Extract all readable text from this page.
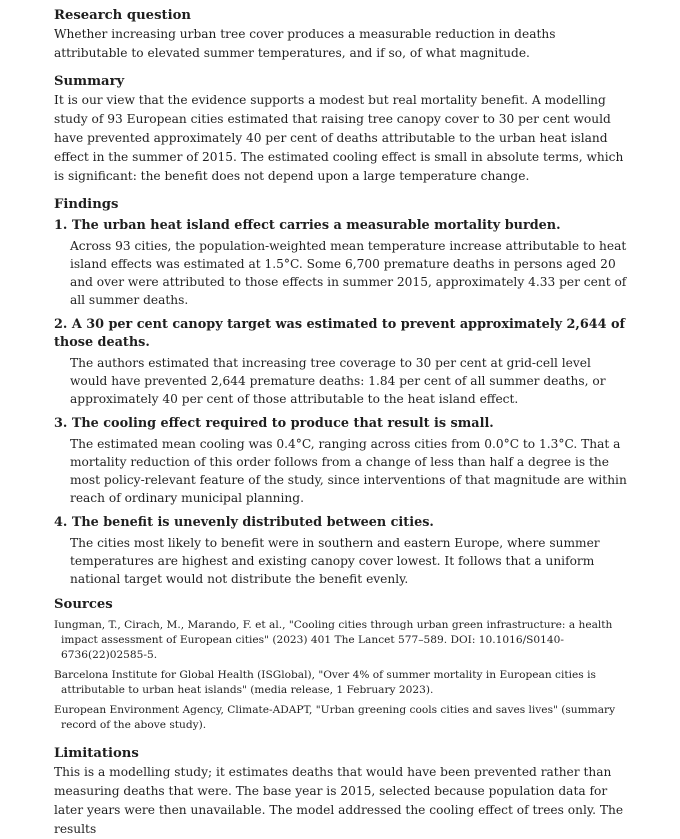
Research question

Whether increasing urban tree cover produces a measurable reduction in deaths attributable to elevated summer temperatures, and if so, of what magnitude.

Summary

It is our view that the evidence supports a modest but real mortality benefit. A modelling study of 93 European cities estimated that raising tree canopy cover to 30 per cent would have prevented approximately 40 per cent of deaths attributable to the urban heat island effect in the summer of 2015. The estimated cooling effect is small in absolute terms, which is significant: the benefit does not depend upon a large temperature change.

Findings
1. The urban heat island effect carries a measurable mortality burden.
Across 93 cities, the population-weighted mean temperature increase attributable to heat island effects was estimated at 1.5°C. Some 6,700 premature deaths in persons aged 20 and over were attributed to those effects in summer 2015, approximately 4.33 per cent of all summer deaths.
2. A 30 per cent canopy target was estimated to prevent approximately 2,644 of those deaths.
The authors estimated that increasing tree coverage to 30 per cent at grid-cell level would have prevented 2,644 premature deaths: 1.84 per cent of all summer deaths, or approximately 40 per cent of those attributable to the heat island effect.
3. The cooling effect required to produce that result is small.
The estimated mean cooling was 0.4°C, ranging across cities from 0.0°C to 1.3°C. That a mortality reduction of this order follows from a change of less than half a degree is the most policy-relevant feature of the study, since interventions of that magnitude are within reach of ordinary municipal planning.
4. The benefit is unevenly distributed between cities.
The cities most likely to benefit were in southern and eastern Europe, where summer temperatures are highest and existing canopy cover lowest. It follows that a uniform national target would not distribute the benefit evenly.
Sources
Iungman, T., Cirach, M., Marando, F. et al., "Cooling cities through urban green infrastructure: a health impact assessment of European cities" (2023) 401 The Lancet 577–589. DOI: 10.1016/S0140-6736(22)02585-5.
Barcelona Institute for Global Health (ISGlobal), "Over 4% of summer mortality in European cities is attributable to urban heat islands" (media release, 1 February 2023).
European Environment Agency, Climate-ADAPT, "Urban greening cools cities and saves lives" (summary record of the above study).
Limitations

This is a modelling study; it estimates deaths that would have been prevented rather than measuring deaths that were. The base year is 2015, selected because population data for later years were then unavailable. The model addressed the cooling effect of trees only. The results
